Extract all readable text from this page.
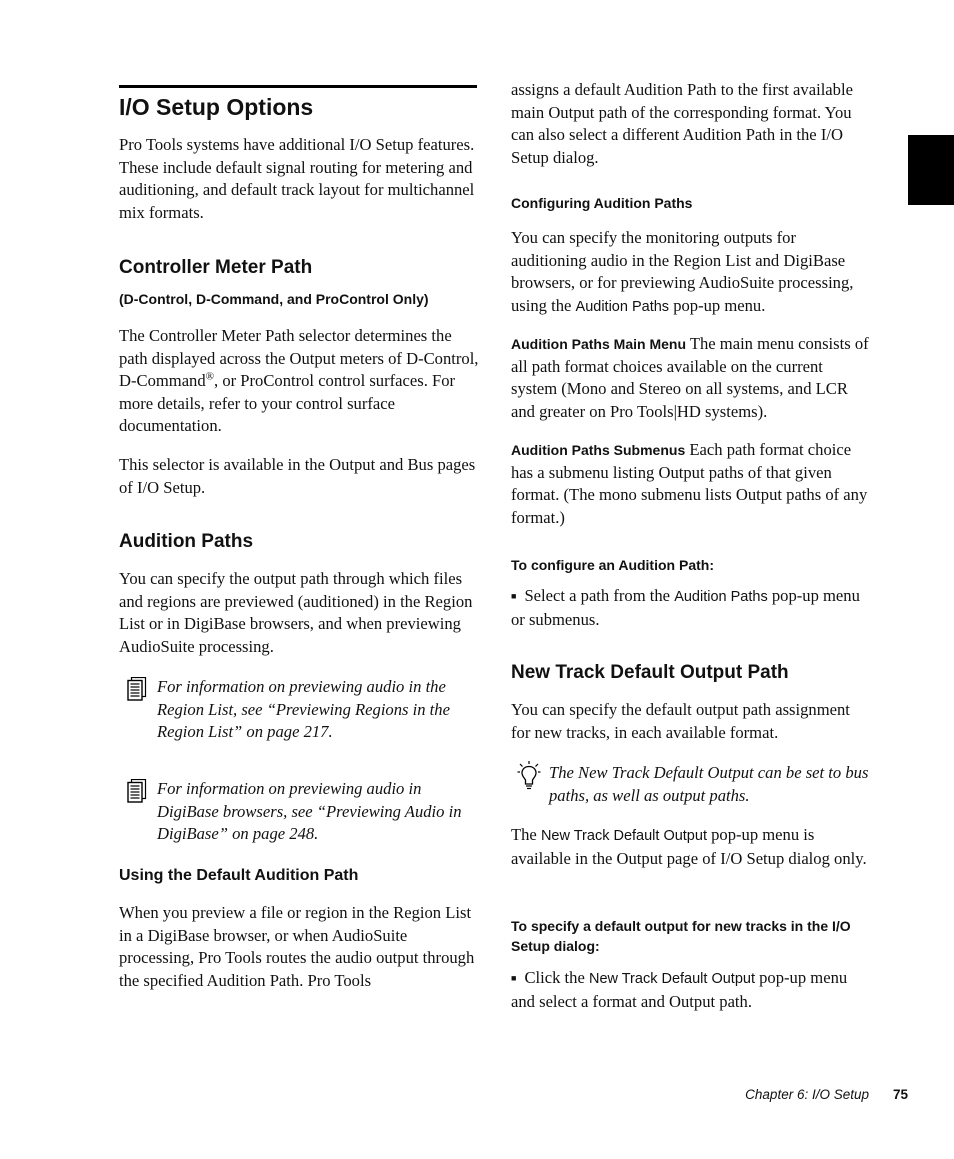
I/O Setup Options

Pro Tools systems have additional I/O Setup features. These include default signal routing for metering and auditioning, and default track layout for multichannel mix formats.

Controller Meter Path
(D-Control, D-Command, and ProControl Only)

The Controller Meter Path selector determines the path displayed across the Output meters of D-Control, D-Command®, or ProControl control surfaces. For more details, refer to your control surface documentation.

This selector is available in the Output and Bus pages of I/O Setup.

Audition Paths

You can specify the output path through which files and regions are previewed (auditioned) in the Region List or in DigiBase browsers, and when previewing AudioSuite processing.

For information on previewing audio in the Region List, see “Previewing Regions in the Region List” on page 217.

For information on previewing audio in DigiBase browsers, see “Previewing Audio in DigiBase” on page 248.

Using the Default Audition Path

When you preview a file or region in the Region List in a DigiBase browser, or when AudioSuite processing, Pro Tools routes the audio output through the specified Audition Path. Pro Tools

assigns a default Audition Path to the first available main Output path of the corresponding format. You can also select a different Audition Path in the I/O Setup dialog.

Configuring Audition Paths

You can specify the monitoring outputs for auditioning audio in the Region List and DigiBase browsers, or for previewing AudioSuite processing, using the Audition Paths pop-up menu.

Audition Paths Main Menu The main menu consists of all path format choices available on the current system (Mono and Stereo on all systems, and LCR and greater on Pro Tools|HD systems).

Audition Paths Submenus Each path format choice has a submenu listing Output paths of that given format. (The mono submenu lists Output paths of any format.)

To configure an Audition Path:

■ Select a path from the Audition Paths pop-up menu or submenus.

New Track Default Output Path

You can specify the default output path assignment for new tracks, in each available format.

The New Track Default Output can be set to bus paths, as well as output paths.

The New Track Default Output pop-up menu is available in the Output page of I/O Setup dialog only.

To specify a default output for new tracks in the I/O Setup dialog:

■ Click the New Track Default Output pop-up menu and select a format and Output path.

Chapter 6: I/O Setup	75
